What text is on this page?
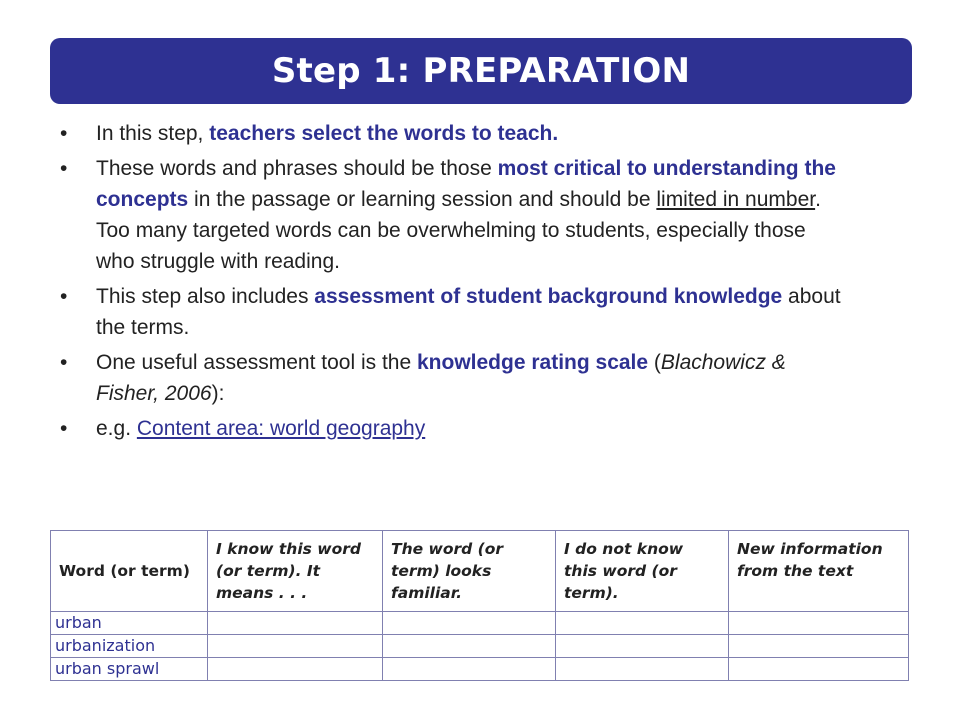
Step 1: PREPARATION
• In this step, teachers select the words to teach.
• These words and phrases should be those most critical to understanding the concepts in the passage or learning session and should be limited in number. Too many targeted words can be overwhelming to students, especially those who struggle with reading.
• This step also includes assessment of student background knowledge about the terms.
• One useful assessment tool is the knowledge rating scale (Blachowicz & Fisher, 2006):
• e.g. Content area: world geography
Word (or term)	I know this word (or term). It means . . .	The word (or term) looks familiar.	I do not know this word (or term).	New information from the text
urban				
urbanization				
urban sprawl				
